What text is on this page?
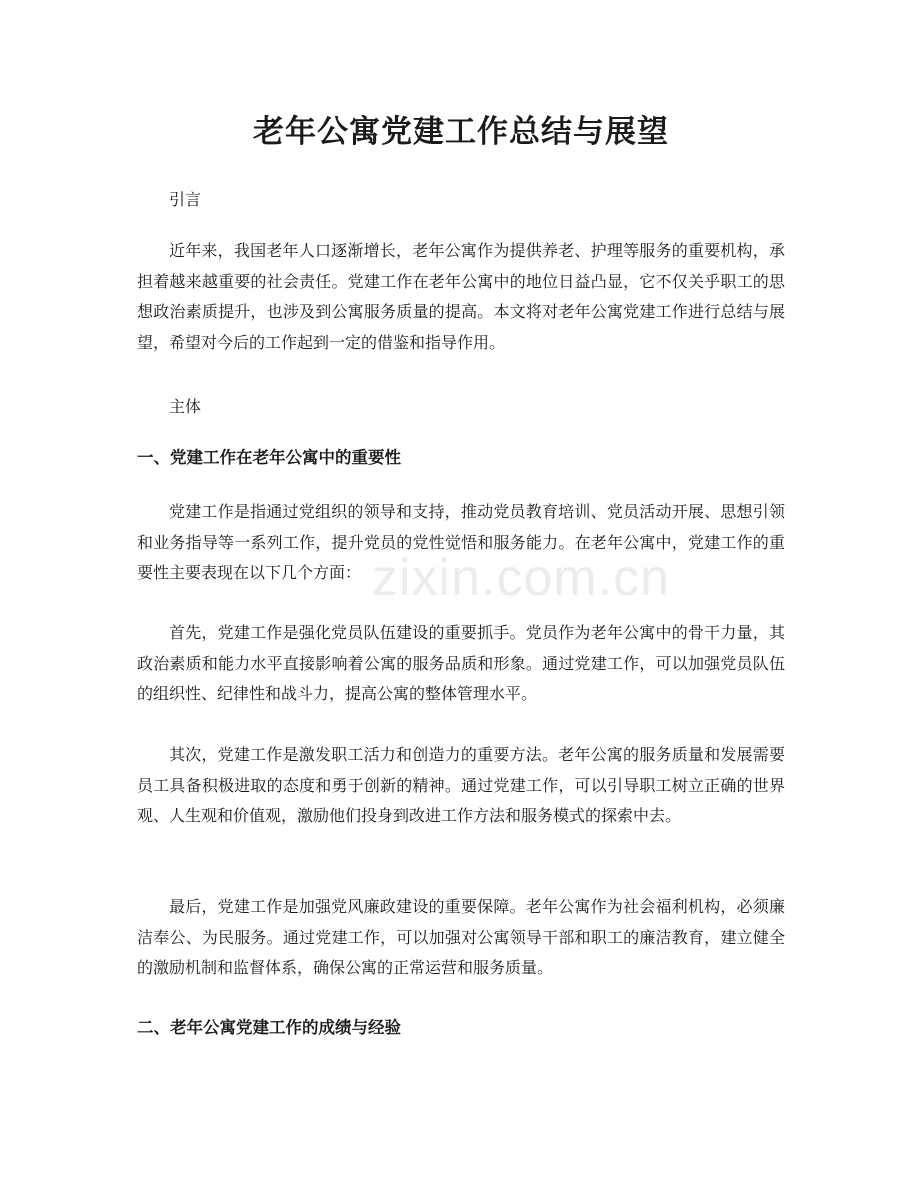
老年公寓党建工作总结与展望

引言

近年来，我国老年人口逐渐增长，老年公寓作为提供养老、护理等服务的重要机构，承担着越来越重要的社会责任。党建工作在老年公寓中的地位日益凸显，它不仅关乎职工的思想政治素质提升，也涉及到公寓服务质量的提高。本文将对老年公寓党建工作进行总结与展望，希望对今后的工作起到一定的借鉴和指导作用。

主体

一、党建工作在老年公寓中的重要性

党建工作是指通过党组织的领导和支持，推动党员教育培训、党员活动开展、思想引领和业务指导等一系列工作，提升党员的党性觉悟和服务能力。在老年公寓中，党建工作的重要性主要表现在以下几个方面：

首先，党建工作是强化党员队伍建设的重要抓手。党员作为老年公寓中的骨干力量，其政治素质和能力水平直接影响着公寓的服务品质和形象。通过党建工作，可以加强党员队伍的组织性、纪律性和战斗力，提高公寓的整体管理水平。

其次，党建工作是激发职工活力和创造力的重要方法。老年公寓的服务质量和发展需要员工具备积极进取的态度和勇于创新的精神。通过党建工作，可以引导职工树立正确的世界观、人生观和价值观，激励他们投身到改进工作方法和服务模式的探索中去。

最后，党建工作是加强党风廉政建设的重要保障。老年公寓作为社会福利机构，必须廉洁奉公、为民服务。通过党建工作，可以加强对公寓领导干部和职工的廉洁教育，建立健全的激励机制和监督体系，确保公寓的正常运营和服务质量。

二、老年公寓党建工作的成绩与经验
zixin.com.cn
